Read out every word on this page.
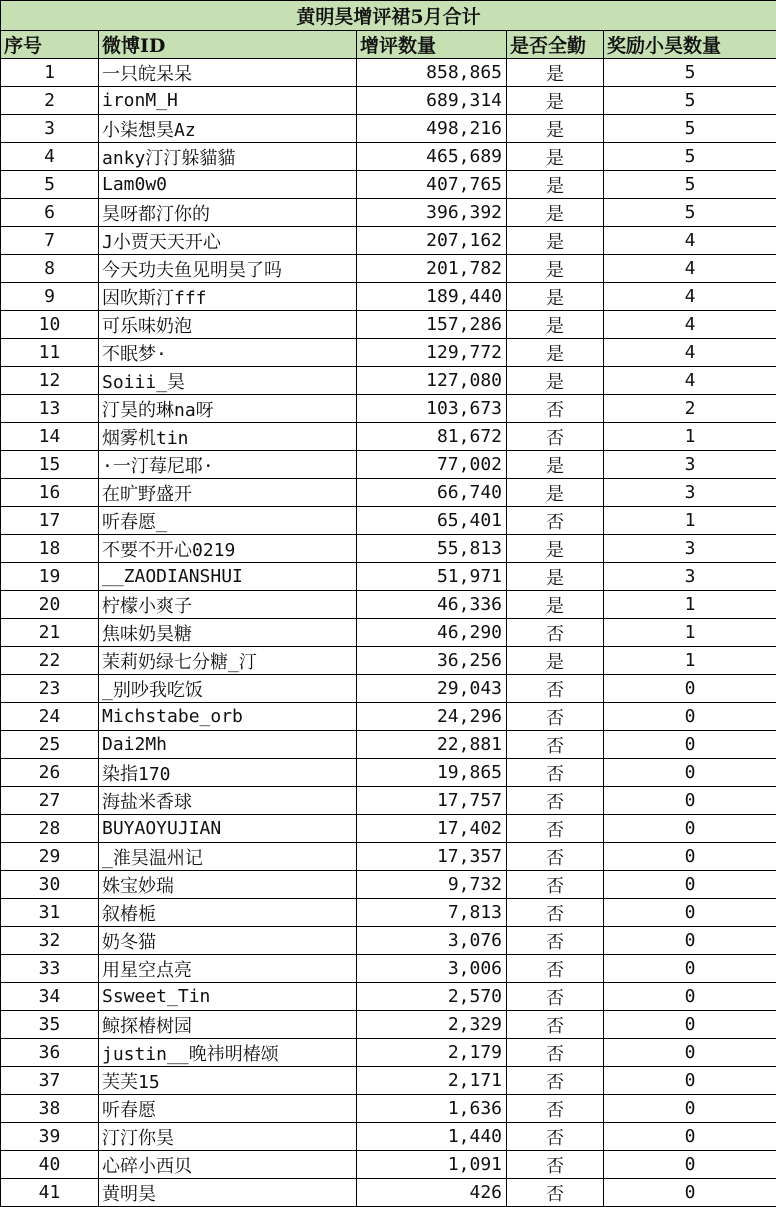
黄明昊增评裙5月合计				
序号	微博ID	增评数量	是否全勤	奖励小昊数量
1	一只皖呆呆	858,865	是	5
2	ironM_H	689,314	是	5
3	小柒想昊Az	498,216	是	5
4	anky汀汀躲貓貓	465,689	是	5
5	Lam0w0	407,765	是	5
6	昊呀都汀你的	396,392	是	5
7	J小贾天天开心	207,162	是	4
8	今天功夫鱼见明昊了吗	201,782	是	4
9	因吹斯汀fff	189,440	是	4
10	可乐味奶泡	157,286	是	4
11	不眠梦·	129,772	是	4
12	Soiii_昊	127,080	是	4
13	汀昊的琳na呀	103,673	否	2
14	烟雾机tin	81,672	否	1
15	·一汀莓尼耶·	77,002	是	3
16	在旷野盛开	66,740	是	3
17	听春愿_	65,401	否	1
18	不要不开心0219	55,813	是	3
19	__ZAODIANSHUI	51,971	是	3
20	柠檬小爽子	46,336	是	1
21	焦味奶昊糖	46,290	否	1
22	茉莉奶绿七分糖_汀	36,256	是	1
23	_别吵我吃饭	29,043	否	0
24	Michstabe_orb	24,296	否	0
25	Dai2Mh	22,881	否	0
26	染指170	19,865	否	0
27	海盐米香球	17,757	否	0
28	BUYAOYUJIAN	17,402	否	0
29	_淮昊温州记	17,357	否	0
30	姝宝妙瑞	9,732	否	0
31	叙椿栀	7,813	否	0
32	奶冬猫	3,076	否	0
33	用星空点亮	3,006	否	0
34	Ssweet_Tin	2,570	否	0
35	鲸探椿树园	2,329	否	0
36	justin__晚祎明椿颂	2,179	否	0
37	芙芙15	2,171	否	0
38	听春愿	1,636	否	0
39	汀汀你昊	1,440	否	0
40	心碎小西贝	1,091	否	0
41	黄明昊	426	否	0
